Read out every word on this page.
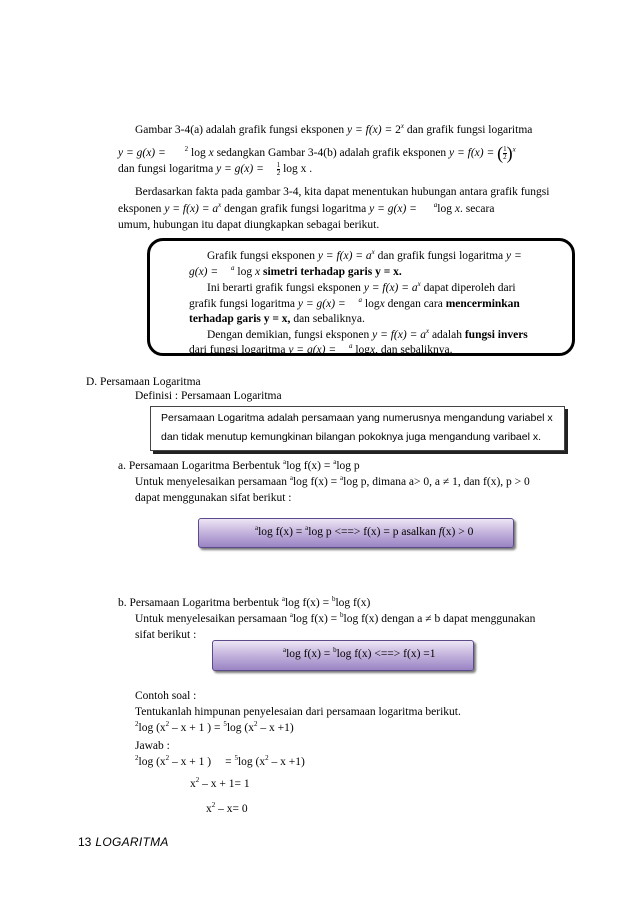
Gambar 3-4(a) adalah grafik fungsi eksponen $y = f(x) = 2^x$ dan grafik fungsi logaritma
y = g(x) = $^2$ log x sedangkan Gambar 3-4(b) adalah grafik eksponen y = f(x) = ( $\frac{1}{2} )^x$
dan fungsi logaritma $y = g(x) = \frac{1}{2}$ log x .
Berdasarkan fakta pada gambar 3-4, kita dapat menentukan hubungan antara grafik fungsi
eksponen $y = f(x) = a^x$ dengan grafik fungsi logaritma y = g(x) = $^a$log x. secara
umum, hubungan itu dapat diungkapkan sebagai berikut.
Grafik fungsi eksponen $y = f(x) = a^x$ dan grafik fungsi logaritma y =
g(x) = $^a$ log x simetri terhadap garis y = x.
Ini berarti grafik fungsi eksponen $y = f(x) = a^x$ dapat diperoleh dari
grafik fungsi logaritma y = g(x) = $^a$ logx dengan cara mencerminkan
terhadap garis y = x, dan sebaliknya.
Dengan demikian, fungsi eksponen $y = f(x) = a^x$ adalah fungsi invers
dari fungsi logaritma y = g(x) = $^a$ logx, dan sebaliknya.
D. Persamaan Logaritma
Definisi : Persamaan Logaritma
Persamaan Logaritma adalah persamaan yang numerusnya mengandung variabel x
dan tidak menutup kemungkinan bilangan pokoknya juga mengandung varibael x.
a. Persamaan Logaritma Berbentuk $^a$log f(x) = $^a$log p
Untuk menyelesaikan persamaan $^a$log f(x) = $^a$log p, dimana a> 0, a ≠ 1, dan f(x), p > 0
dapat menggunakan sifat berikut :
$^a$log f(x) = $^a$log p <==> f(x) = p asalkan f(x) > 0
b. Persamaan Logaritma berbentuk $^a$log f(x) = $^b$log f(x)
Untuk menyelesaikan persamaan $^a$log f(x) = $^b$log f(x) dengan a ≠ b dapat menggunakan
sifat berikut :
$^a$log f(x) = $^b$log f(x) <==> f(x) =1
Contoh soal :
Tentukanlah himpunan penyelesaian dari persamaan logaritma berikut.
$^2$log ($x^2 - x + 1$ ) = $^5$log $(x^2 - x +1)$
Jawab :
$^2$log ($x^2 - x + 1$ ) = $^5$log $(x^2 - x +1)$
$x^2 - x + 1= 1$
$x^2 - x= 0$
13 LOGARITMA
